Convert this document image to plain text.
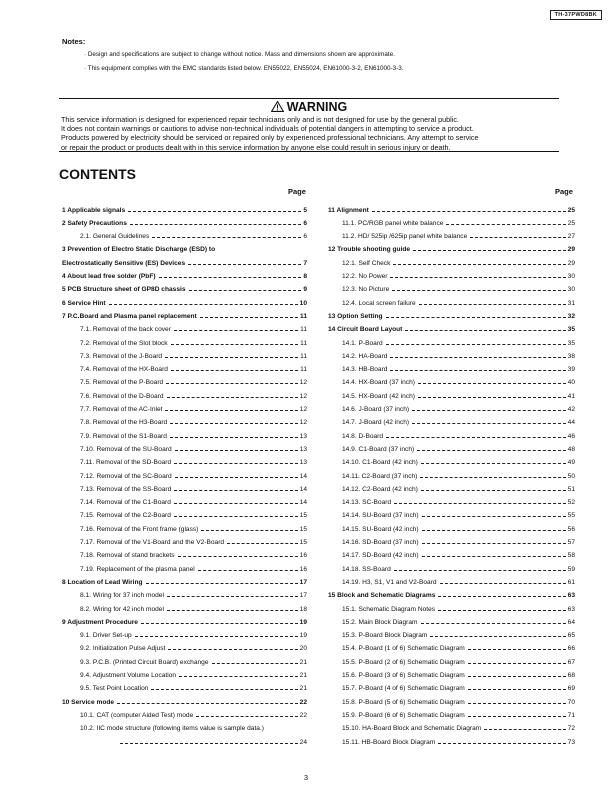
TH-37PWD8BK
Notes:
· Design and specifications are subject to change without notice. Mass and dimensions shown are approximate.
· This equipment complies with the EMC standards listed below. EN55022, EN55024, EN61000-3-2, EN61000-3-3.
WARNING
This service information is designed for experienced repair technicians only and is not designed for use by the general public.
It does not contain warnings or cautions to advise non-technical individuals of potential dangers in attempting to service a product.
Products powered by electricity should be serviced or repaired only by experienced professional technicians. Any attempt to service
or repair the product or products dealt with in this service information by anyone else could result in serious injury or death.
CONTENTS
Page	Page
1 Applicable signals	5
2 Safety Precautions	6
2.1. General Guidelines	6
3 Prevention of Electro Static Discharge (ESD) to
Electrostatically Sensitive (ES) Devices	7
4 About lead free solder (PbF)	8
5 PCB Structure sheet of GP8D chassis	9
6 Service Hint	10
7 P.C.Board and Plasma panel replacement	11
7.1. Removal of the back cover	11
7.2. Removal of the Slot block	11
7.3. Removal of the J-Board	11
7.4. Removal of the HX-Board	11
7.5. Removal of the P-Board	12
7.6. Removal of the D-Board	12
7.7. Removal of the AC-Inlet	12
7.8. Removal of the H3-Board	12
7.9. Removal of the S1-Board	13
7.10. Removal of the SU-Board	13
7.11. Removal of the SD-Board	13
7.12. Removal of the SC-Board	14
7.13. Removal of the SS-Board	14
7.14. Removal of the C1-Board	14
7.15. Removal of the C2-Board	15
7.16. Removal of the Front frame (glass)	15
7.17. Removal of the V1-Board and the V2-Board	15
7.18. Removal of stand brackets	16
7.19. Replacement of the plasma panel	16
8 Location of Lead Wiring	17
8.1. Wiring for 37 inch model	17
8.2. Wiring for 42 inch model	18
9 Adjustment Procedure	19
9.1. Driver Set-up	19
9.2. Initialization Pulse Adjust	20
9.3. P.C.B. (Printed Circuit Board) exchange	21
9.4. Adjustment Volume Location	21
9.5. Test Point Location	21
10 Service mode	22
10.1. CAT (computer Aided Test) mode	22
10.2. IIC mode structure (following items value is sample data.)
24
11 Alignment	25
11.1. PC/RGB panel white balance	25
11.2. HD/ 525ip /625ip panel white balance	27
12 Trouble shooting guide	29
12.1. Self Check	29
12.2. No Power	30
12.3. No Picture	30
12.4. Local screen failure	31
13 Option Setting	32
14 Circuit Board Layout	35
14.1. P-Board	35
14.2. HA-Board	38
14.3. HB-Board	39
14.4. HX-Board (37 inch)	40
14.5. HX-Board (42 inch)	41
14.6. J-Board (37 inch)	42
14.7. J-Board (42 inch)	44
14.8. D-Board	46
14.9. C1-Board (37 inch)	48
14.10. C1-Board (42 inch)	49
14.11. C2-Board (37 inch)	50
14.12. C2-Board (42 inch)	51
14.13. SC-Board	52
14.14. SU-Board (37 inch)	55
14.15. SU-Board (42 inch)	56
14.16. SD-Board (37 inch)	57
14.17. SD-Board (42 inch)	58
14.18. SS-Board	59
14.19. H3, S1, V1 and V2-Board	61
15 Block and Schematic Diagrams	63
15.1. Schematic Diagram Notes	63
15.2. Main Block Diagram	64
15.3. P-Board Block Diagram	65
15.4. P-Board (1 of 6) Schematic Diagram	66
15.5. P-Board (2 of 6) Schematic Diagram	67
15.6. P-Board (3 of 6) Schematic Diagram	68
15.7. P-Board (4 of 6) Schematic Diagram	69
15.8. P-Board (5 of 6) Schematic Diagram	70
15.9. P-Board (6 of 6) Schematic Diagram	71
15.10. HA-Board Block and Schematic Diagram	72
15.11. HB-Board Block Diagram	73
3
